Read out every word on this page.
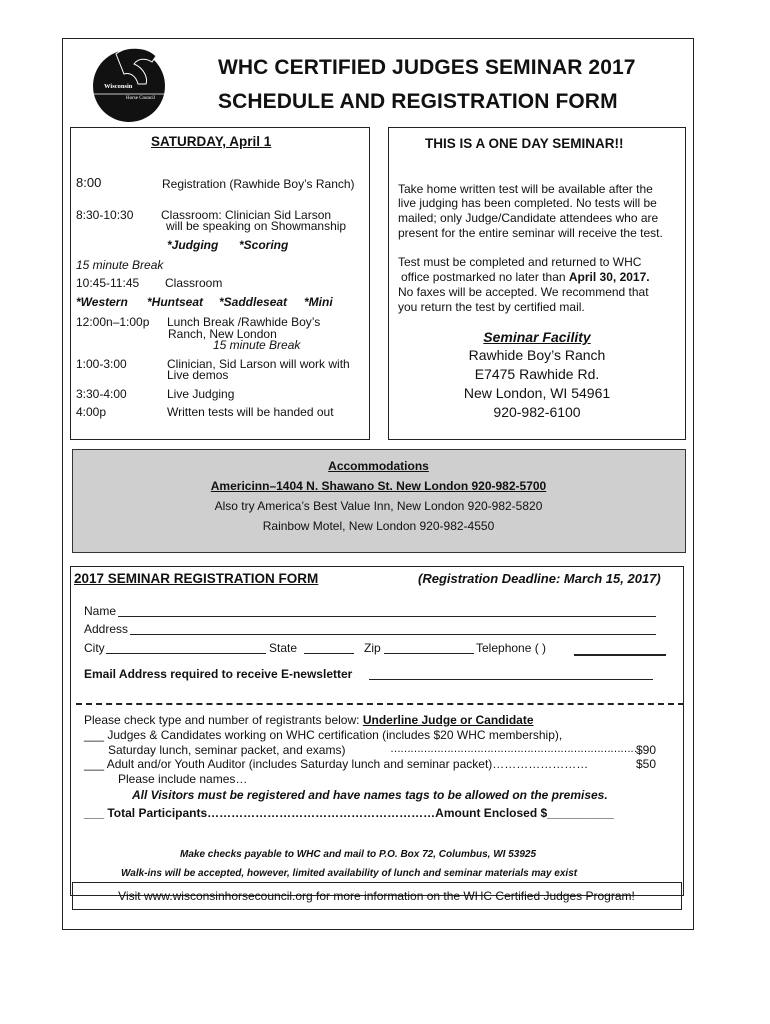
Wisconsin
Horse Council
WHC CERTIFIED JUDGES SEMINAR 2017
SCHEDULE AND REGISTRATION FORM
SATURDAY, April 1
8:00	Registration (Rawhide Boy’s Ranch)
8:30-10:30 Classroom: Clinician Sid Larson
will be speaking on Showmanship
*Judging *Scoring
15 minute Break
10:45-11:45 Classroom
*Western *Huntseat *Saddleseat *Mini
12:00n–1:00p Lunch Break /Rawhide Boy’s
Ranch, New London
15 minute Break
1:00-3:00	Clinician, Sid Larson will work with
Live demos
3:30-4:00	Live Judging
4:00p	Written tests will be handed out
THIS IS A ONE DAY SEMINAR!!
Take home written test will be available after the
live judging has been completed. No tests will be
mailed; only Judge/Candidate attendees who are
present for the entire seminar will receive the test.
Test must be completed and returned to WHC
office postmarked no later than April 30, 2017.
No faxes will be accepted. We recommend that
you return the test by certified mail.
Seminar Facility
Rawhide Boy’s Ranch
E7475 Rawhide Rd.
New London, WI 54961
920-982-6100
Accommodations
Americinn–1404 N. Shawano St. New London 920-982-5700
Also try America’s Best Value Inn, New London 920-982-5820
Rainbow Motel, New London 920-982-4550
2017 SEMINAR REGISTRATION FORM	(Registration Deadline: March 15, 2017)
Name
Address
City	State	Zip	Telephone ( )
Email Address required to receive E-newsletter
Please check type and number of registrants below: Underline Judge or Candidate
___ Judges & Candidates working on WHC certification (includes $20 WHC membership),
Saturday lunch, seminar packet, and exams)	…………………………………………………………………
$90
___ Adult and/or Youth Auditor (includes Saturday lunch and seminar packet)……………………	$50
Please include names…
All Visitors must be registered and have names tags to be allowed on the premises.
___ Total Participants…………………………………………………Amount Enclosed $__________
Make checks payable to WHC and mail to P.O. Box 72, Columbus, WI 53925
Walk-ins will be accepted, however, limited availability of lunch and seminar materials may exist
Visit www.wisconsinhorsecouncil.org for more information on the WHC Certified Judges Program!
